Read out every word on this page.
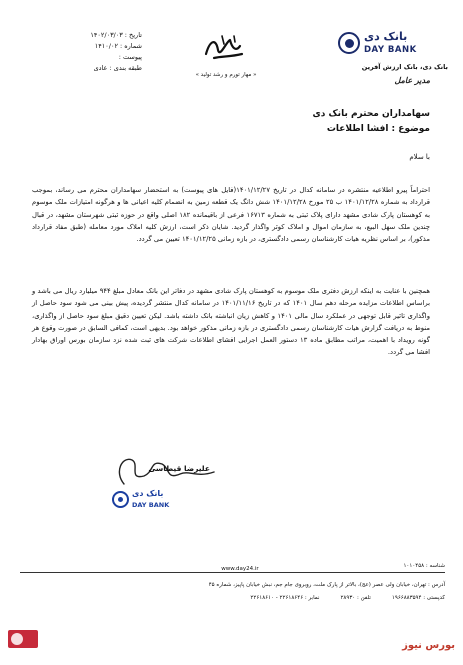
تاریخ : ۱۴۰۲/۰۳/۰۳
شماره : ۱۴۱۰/۰۲
پیوست :
طبقه بندی : عادی
« مهار تورم و رشد تولید »
بانک دی
DAY BANK
بانک دی، بانک ارزش آفرین
مدیر عامل
سهامداران محترم بانک دی
موضوع : افشا اطلاعات
با سلام
احتراماً پیرو اطلاعیه منتشره در سامانه کدال در تاریخ ۱۴۰۱/۱۲/۲۷(فایل های پیوست) به استحضار سهامداران محترم می رساند، بموجب قرارداد به شماره ۱۴۰۱/۱۲/۲۸ ب ۲۵ مورخ ۱۴۰۱/۱۲/۲۸ شش دانگ یک قطعه زمین به انضمام کلیه اعیانی ها و هرگونه امتیازات ملک موسوم به کوهستان پارک شادی مشهد دارای پلاک ثبتی به شماره ۱۶۷۱۳ فرعی از باقیمانده ۱۸۲ اصلی واقع در حوزه ثبتی شهرستان مشهد، در قبال چندین ملک سهل البیع، به سازمان اموال و املاک کوثر واگذار گردید. شایان ذکر است، ارزش کلیه املاک مورد معامله (طبق مفاد قرارداد مذکور)، بر اساس نظریه هیات کارشناسان رسمی دادگستری، در بازه زمانی ۱۴۰۱/۱۲/۲۵ تعیین می گردد.
همچنین با عنایت به اینکه ارزش دفتری ملک موسوم به کوهستان پارک شادی مشهد در دفاتر این بانک معادل مبلغ ۹۴۴ میلیارد ریال می باشد و براساس اطلاعات مزایده مرحله دهم سال ۱۴۰۱ که در تاریخ ۱۴۰۱/۱۱/۱۶ در سامانه کدال منتشر گردیده، پیش بینی می شود سود حاصل از واگذاری تاثیر قابل توجهی در عملکرد سال مالی ۱۴۰۱ و کاهش زیان انباشته بانک داشته باشد. لیکن تعیین دقیق مبلغ سود حاصل از واگذاری، منوط به دریافت گزارش هیات کارشناسان رسمی دادگستری در بازه زمانی مذکور خواهد بود. بدیهی است، کمافی السابق در صورت وقوع هر گونه رویداد با اهمیت، مراتب مطابق ماده ۱۳ دستور العمل اجرایی افشای اطلاعات شرکت های ثبت شده نزد سازمان بورس اوراق بهادار افشا می گردد.
علیرضا قیطاسی
بانک دی
DAY BANK
شناسه : ۱۰۱۰۴۵۸
www.day24.ir
آدرس : تهران، خیابان ولی عصر (عج)، بالاتر از پارک ملت، روبروی جام جم، نبش خیابان پاپیز، شماره ۴۵
کدپستی : ۱۹۶۶۸۸۳۵۹۴            تلفن : ۲۸۹۳۰            نمابر : ۲۲۶۱۸۶۴۶ - ۲۲۶۱۸۶۱۰
بورس نیوز
